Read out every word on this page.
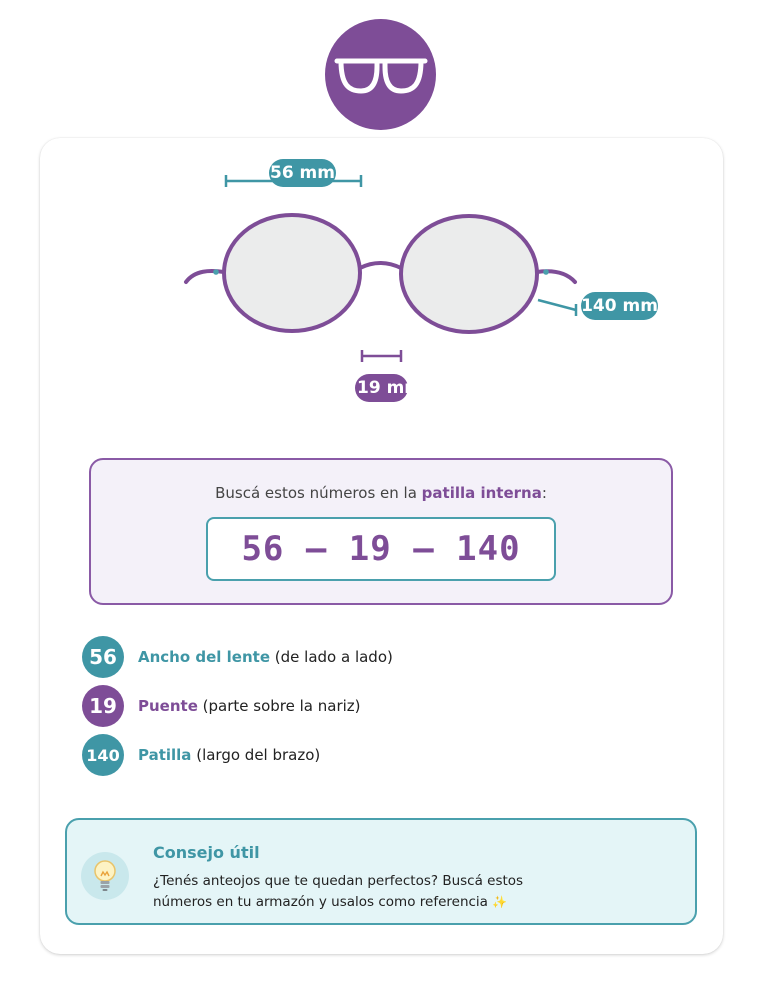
56 mm
140 mm
19 mm
Buscá estos números en la patilla interna:
56 – 19 – 140
56	Ancho del lente (de lado a lado)
19	Puente (parte sobre la nariz)
140 Patilla (largo del brazo)
Consejo útil
¿Tenés anteojos que te quedan perfectos? Buscá estos
números en tu armazón y usalos como referencia ✨
